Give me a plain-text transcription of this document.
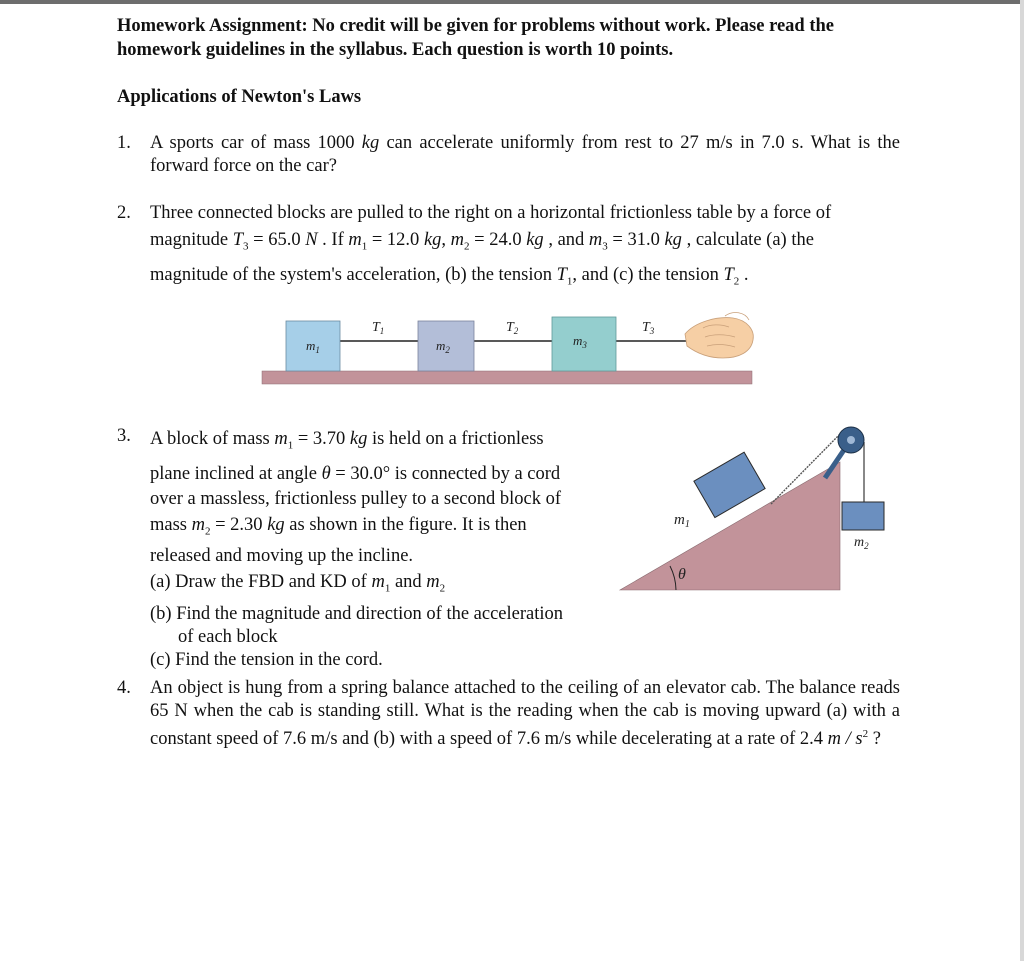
Homework Assignment: No credit will be given for problems without work. Please read the
homework guidelines in the syllabus. Each question is worth 10 points.

Applications of Newton's Laws

1. A sports car of mass 1000 kg can accelerate uniformly from rest to 27 m/s in 7.0 s. What is the forward force on the car?
2. Three connected blocks are pulled to the right on a horizontal frictionless table by a force of

magnitude $T_3 = 65.0$ N . If $m_1 = 12.0$ kg, $m_2 = 24.0$ kg , and $m_3 = 31.0$ kg , calculate (a) the

magnitude of the system's acceleration, (b) the tension $T_1$, and (c) the tension $T_2$ .

3. A block of mass $m_1 = 3.70$ kg is held on a frictionless

plane inclined at angle θ = 30.0° is connected by a cord

over a massless, frictionless pulley to a second block of

mass $m_2 = 2.30$ kg as shown in the figure. It is then

released and moving up the incline.

(a) Draw the FBD and KD of $m_1$ and $m_2$

(b) Find the magnitude and direction of the acceleration

of each block

(c) Find the tension in the cord.

4. An object is hung from a spring balance attached to the ceiling of an elevator cab. The balance reads 65 N when the cab is standing still. What is the reading when the cab is moving upward (a) with a constant speed of 7.6 m/s and (b) with a speed of 7.6 m/s while decelerating at a rate of 2.4 m / $s^2$ ?
$m_1$	$m_2$
$m_3$
$T_1$	$T_2$	$T_3$
$m_1$
$m_2$
θ
